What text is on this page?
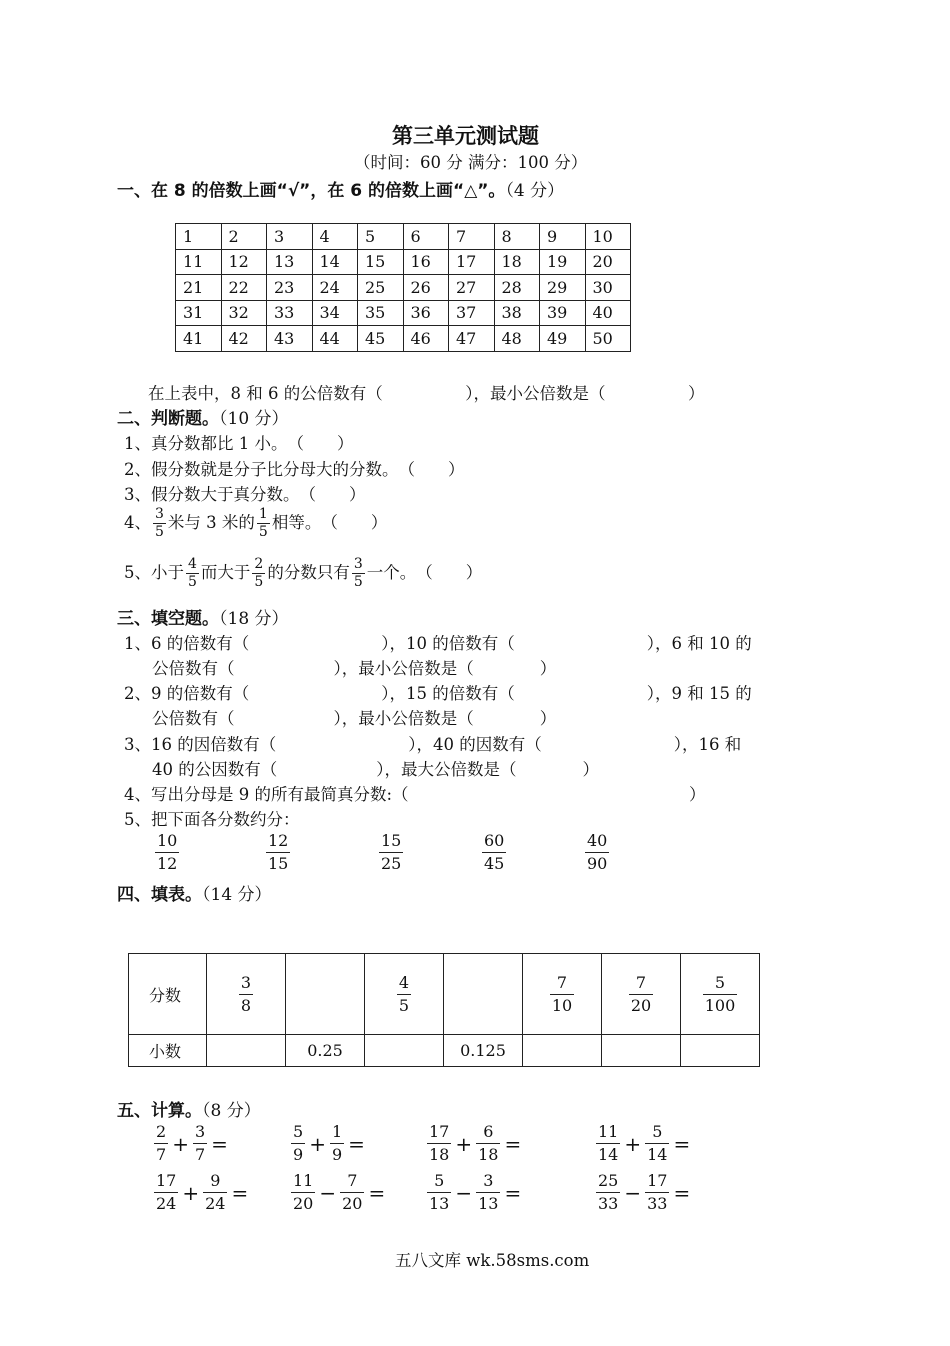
第三单元测试题
（时间：60 分 满分：100 分）
一、在 8 的倍数上画“√”，在 6 的倍数上画“△”。（4 分）
1	2	3	4	5	6	7	8	9	10
11	12	13	14	15	16	17	18	19	20
21	22	23	24	25	26	27	28	29	30
31	32	33	34	35	36	37	38	39	40
41	42	43	44	45	46	47	48	49	50
在上表中，8 和 6 的公倍数有（　　　　　），最小公倍数是（　　　　　）
二、判断题。（10 分）
1、真分数都比 1 小。　（　　）
2、假分数就是分子比分母大的分数。　（　　）
3、假分数大于真分数。　（　　）
4、 $\frac{3}{5}$ 米与 3 米的 $\frac{1}{5}$ 相等。　（　　）
5、小于 $\frac{4}{5}$ 而大于 $\frac{2}{5}$ 的分数只有 $\frac{3}{5}$ 一个。　（　　）
三、填空题。（18 分）
1、6 的倍数有（　　　　　　　　），10 的倍数有（　　　　　　　　），6 和 10 的
公倍数有（　　　　　　），最小公倍数是（　　　　）
2、9 的倍数有（　　　　　　　　），15 的倍数有（　　　　　　　　），9 和 15 的
公倍数有（　　　　　　），最小公倍数是（　　　　）
3、16 的因倍数有（　　　　　　　　），40 的因数有（　　　　　　　　），16 和
40 的公因数有（　　　　　　），最大公倍数是（　　　　）
4、写出分母是 9 的所有最简真分数:（　　　　　　　　　　　　　　　　　）
5、把下面各分数约分：
$\frac{10}{12}$	$\frac{12}{15}$	$\frac{15}{25}$	$\frac{60}{45}$	$\frac{40}{90}$
四、填表。（14 分）
分数	$\frac{3}{8}$		$\frac{4}{5}$		$\frac{7}{10}$	$\frac{7}{20}$	$\frac{5}{100}$

小数		0.25		0.125			
五、计算。（8 分）
$\frac{2}{7} + \frac{3}{7}$ =	$\frac{5}{9} + \frac{1}{9}$ =	$\frac{17}{18} + \frac{6}{18}$ =	$\frac{11}{14} + \frac{5}{14}$ =
$\frac{17}{24} + \frac{9}{24}$ =	$\frac{11}{20} - \frac{7}{20}$ =	$\frac{5}{13} - \frac{3}{13}$ =	$\frac{25}{33} - \frac{17}{33}$ =
五八文库 wk.58sms.com
